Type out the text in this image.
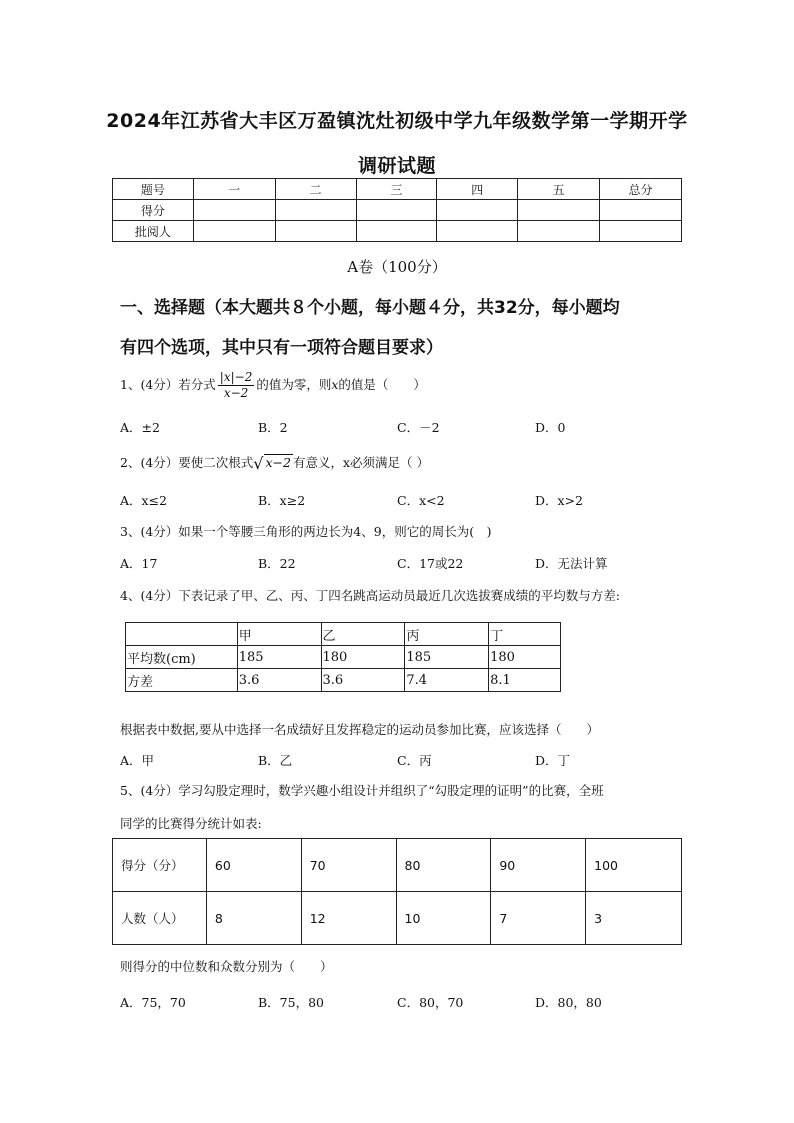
2024年江苏省大丰区万盈镇沈灶初级中学九年级数学第一学期开学
调研试题
题号	一	二	三	四	五	总分
得分						
批阅人						
A卷（100分）
一、选择题（本大题共８个小题，每小题４分，共32分，每小题均
有四个选项，其中只有一项符合题目要求）
1、(4分）若分式 $\frac{|x|-2}{x-2}$ 的值为零，则x的值是（　　）
A．±2	B．2	C．－2	D．0
2、(4分）要使二次根式√ x−2 有意义，x必须满足（ ）
A．x≤2	B．x≥2	C．x<2	D．x>2
3、(4分）如果一个等腰三角形的两边长为4、9，则它的周长为(　)
A．17	B．22	C．17或22	D．无法计算
4、(4分）下表记录了甲、乙、丙、丁四名跳高运动员最近几次选拔赛成绩的平均数与方差:
	甲	乙	丙	丁
平均数(cm)	185	180	185	180
方差	3.6	3.6	7.4	8.1
根据表中数据,要从中选择一名成绩好且发挥稳定的运动员参加比赛，应该选择（　　）
A．甲	B．乙	C．丙	D．丁
5、(4分）学习勾股定理时，数学兴趣小组设计并组织了“勾股定理的证明”的比赛，全班
同学的比赛得分统计如表:
得分（分）	60	70	80	90	100
人数（人）	8	12	10	7	3
则得分的中位数和众数分别为（　　）
A．75，70	B．75，80	C．80，70	D．80，80
